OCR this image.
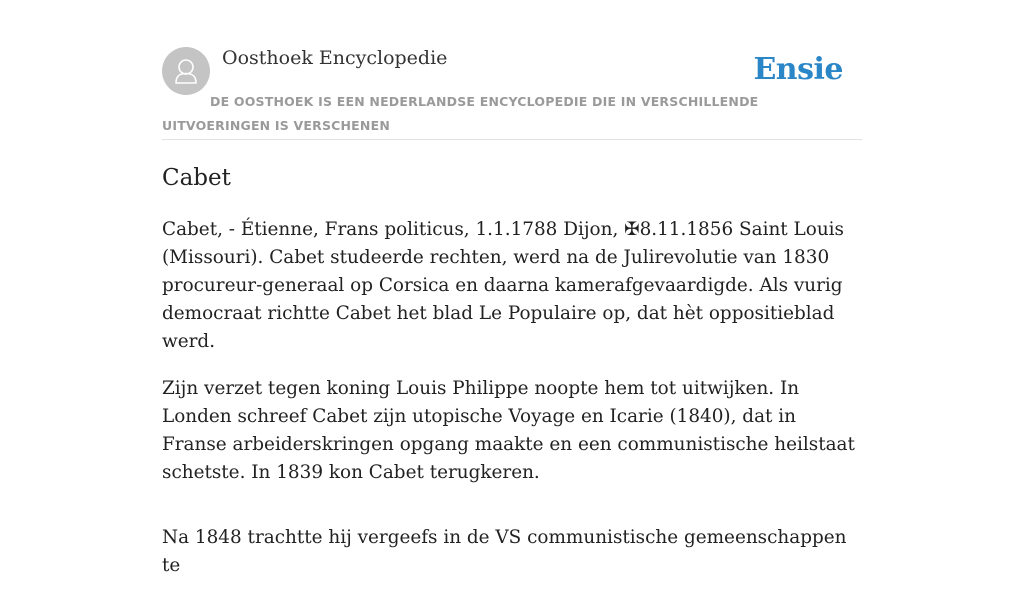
Oosthoek Encyclopedie	Ensie
DE OOSTHOEK IS EEN NEDERLANDSE ENCYCLOPEDIE DIE IN VERSCHILLENDE UITVOERINGEN IS VERSCHENEN
Cabet

Cabet, - Étienne, Frans politicus, 1.1.1788 Dijon, ✠8.11.1856 Saint Louis (Missouri). Cabet studeerde rechten, werd na de Julirevolutie van 1830 procureur-generaal op Corsica en daarna kamerafgevaardigde. Als vurig democraat richtte Cabet het blad Le Populaire op, dat hèt oppositieblad werd.

Zijn verzet tegen koning Louis Philippe noopte hem tot uitwijken. In Londen schreef Cabet zijn utopische Voyage en Icarie (1840), dat in Franse arbeiderskringen opgang maakte en een communistische heilstaat schetste. In 1839 kon Cabet terugkeren.

Na 1848 trachtte hij vergeefs in de VS communistische gemeenschappen te
